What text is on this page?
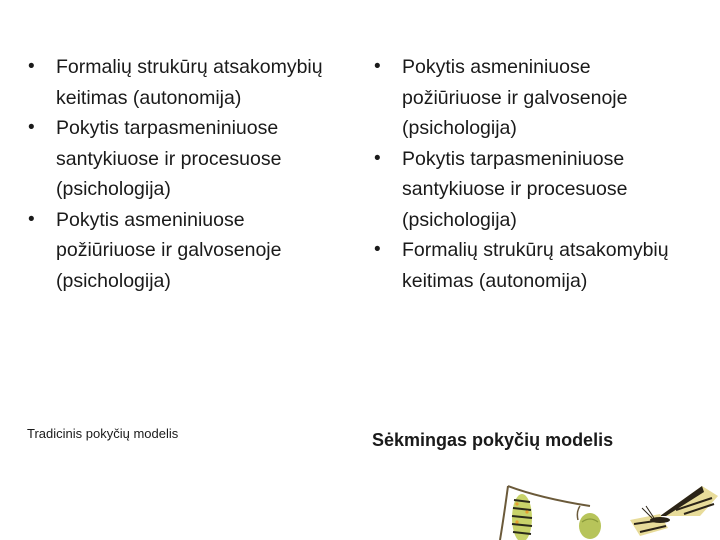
• Formalių strukūrų atsakomybių keitimas (autonomija)
• Pokytis tarpasmeniniuose santykiuose ir procesuose (psichologija)
• Pokytis asmeniniuose požiūriuose ir galvosenoje (psichologija)
• Pokytis asmeniniuose požiūriuose ir galvosenoje (psichologija)
• Pokytis tarpasmeniniuose santykiuose ir procesuose (psichologija)
• Formalių strukūrų atsakomybių keitimas (autonomija)
Tradicinis pokyčių modelis	Sėkmingas pokyčių modelis
